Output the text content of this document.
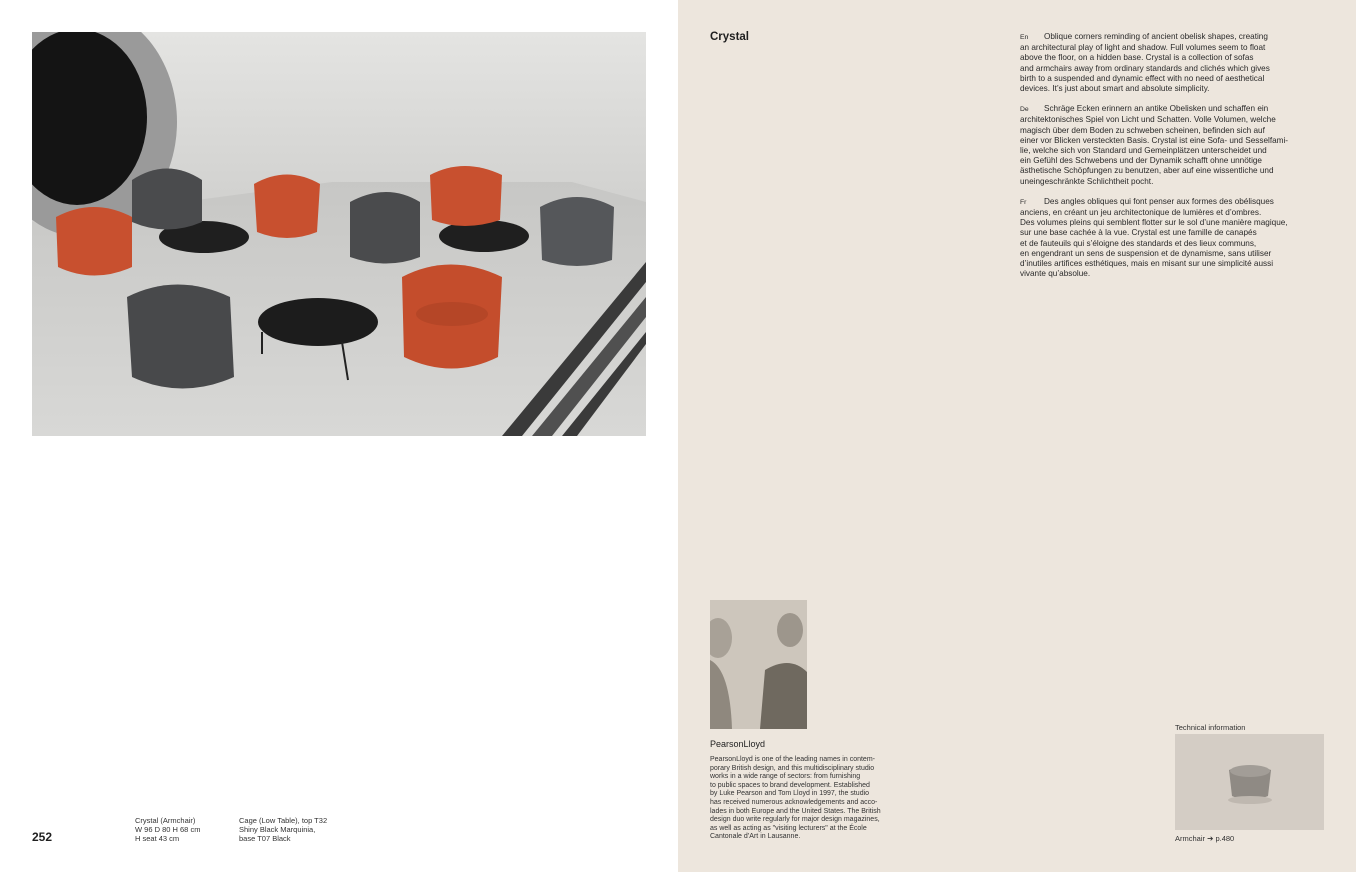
252
Crystal (Armchair)
W 96 D 80 H 68 cm
H seat 43 cm
Cage (Low Table), top T32
Shiny Black Marquinia,
base T07 Black
Crystal	En Oblique corners reminding of ancient obelisk shapes, creating
an architectural play of light and shadow. Full volumes seem to float
above the floor, on a hidden base. Crystal is a collection of sofas
and armchairs away from ordinary standards and clichés which gives
birth to a suspended and dynamic effect with no need of aesthetical
devices. It’s just about smart and absolute simplicity.
De Schräge Ecken erinnern an antike Obelisken und schaffen ein
architektonisches Spiel von Licht und Schatten. Volle Volumen, welche
magisch über dem Boden zu schweben scheinen, befinden sich auf
einer vor Blicken versteckten Basis. Crystal ist eine Sofa- und Sesselfami-
lie, welche sich von Standard und Gemeinplätzen unterscheidet und
ein Gefühl des Schwebens und der Dynamik schafft ohne unnötige
ästhetische Schöpfungen zu benutzen, aber auf eine wissentliche und
uneingeschränkte Schlichtheit pocht.
Fr Des angles obliques qui font penser aux formes des obélisques
anciens, en créant un jeu architectonique de lumières et d’ombres.
Des volumes pleins qui semblent flotter sur le sol d’une manière magique,
sur une base cachée à la vue. Crystal est une famille de canapés
et de fauteuils qui s’éloigne des standards et des lieux communs,
en engendrant un sens de suspension et de dynamisme, sans utiliser
d’inutiles artifices esthétiques, mais en misant sur une simplicité aussi
vivante qu’absolue.
PearsonLloyd
PearsonLloyd is one of the leading names in contem-
porary British design, and this multidisciplinary studio
works in a wide range of sectors: from furnishing
to public spaces to brand development. Established
by Luke Pearson and Tom Lloyd in 1997, the studio
has received numerous acknowledgements and acco-
lades in both Europe and the United States. The British
design duo write regularly for major design magazines,
as well as acting as "visiting lecturers" at the École
Cantonale d’Art in Lausanne.
Technical information
Armchair ➔ p.480
